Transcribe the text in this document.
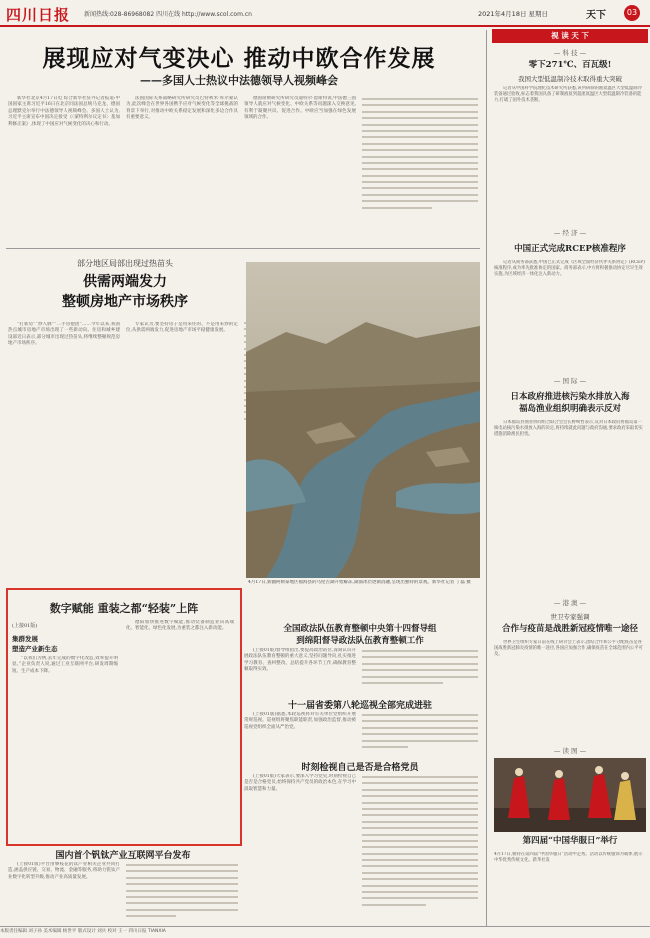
四川日报 新闻热线:028-86968082 四川在线 http://www.scol.com.cn	2021年4月18日 星期日	天下	03
展现应对气变决心 推动中欧合作发展
——多国人士热议中法德领导人视频峰会

新华社北京4月17日电 综合新华社驻外记者报道:中国国家主席习近平16日在北京同法国总统马克龙、德国总理默克尔举行中法德领导人视频峰会。多国人士认为,习近平主席宣布中国决定接受《〈蒙特利尔议定书〉基加利修正案》,体现了中国应对气候变化的决心和行动。

法国国际关系战略研究所研究员巴特利米·库尔蒙认为,此次峰会在世界各国携手应对气候变化等全球挑战的背景下举行,对推动中欧关系稳定发展和深化多边合作具有重要意义。

德国席勒研究所研究员迪特尔·恩斯特说,中法德三国领导人就应对气候变化、中欧关系等问题深入交换意见,有利于凝聚共识、促进合作。中欧应当加强在绿色发展领域的合作。

部分地区局部出现过热苗头
供需两端发力
整顿房地产市场秩序

“打新房”“炒人脉”“二手房抱团”……今年以来,我国热点城市房地产市场出现了一些新动向。住房和城乡建设部近日表示,部分城市出现过热苗头,将继续整顿规范房地产市场秩序。

专家认为,要坚持房子是用来住的、不是用来炒的定位,从供需两端发力,促进房地产市场平稳健康发展。

4月17日,新疆阿勒泰地区福海县的乌伦古湖开始解冻,湖面冰层逐渐消融,呈现出独特的景观。新华社记者 丁磊 摄
数字赋能 重装之都“轻装”上阵
(上接01版)
集群发展
塑造产业新生态

“以我们为例,去年完成的数字化改造,效率提升明显。”企业负责人说,通过工业互联网平台,研发周期缩短、生产成本下降。

德阳加快推进数字赋能,推动装备制造业向高端化、智能化、绿色化发展,为重装之都注入新动能。	全国政法队伍教育整顿中央第十四督导组
到绵阳督导政法队伍教育整顿工作

(上接01版)督导组指出,要提高政治站位,深刻认识开展政法队伍教育整顿的重大意义,坚持问题导向,扎实推进学习教育、查纠整改、总结提升各环节工作,确保教育整顿取得实效。

十一届省委第八轮巡视全部完成进驻

(上接01版)据悉,本轮巡视将对有关单位党组织开展常规巡视。巡视组将聚焦职能职责,加强政治监督,推动被巡视党组织全面从严治党。

时刻检视自己是否是合格党员

(上接01版)大家表示,要深入学习党史,时刻检视自己是否是合格党员,始终保持共产党员的政治本色,在学习中汲取智慧和力量。

国内首个钒钛产业互联网平台发布

(上接01版)平台由攀枝花钒钛产业相关企业共同打造,涵盖供应链、交易、物流、金融等服务,将助力钒钛产业数字化转型升级,推动产业高质量发展。

视 读 天 下
— 科 技 —
零下271℃、百瓦级!
我国大型低温制冷技术取得重大突破
记者从中国科学院理化技术研究所获悉,该所研制的液氦温区大型低温制冷装备通过验收,标志着我国具备了研制液氦到超流氦温区大型低温制冷装备的能力,打破了国外技术垄断。
— 经 济 —
中国正式完成RCEP核准程序
记者从商务部获悉,中国已正式完成《区域全面经济伙伴关系协定》(RCEP)核准程序,成为率先批准协定的国家。商务部表示,中方将积极推动协定尽早生效实施,为区域经济一体化注入新动力。
— 国 际 —
日本政府推进核污染水排放入海
福岛渔业组织明确表示反对
日本福岛县渔业协同组合联合会会长野崎哲表示,反对日本政府将福岛第一核电站核污染水排放入海的决定,将持续就此问题与政府沟通,要求政府采取切实措施消除渔民担忧。
— 港 澳 —
世卫专家强调
合作与疫苗是战胜新冠疫情唯一途径
世界卫生组织专家日前在线上研讨会上表示,团结合作和公平分配疫苗是各国战胜新冠肺炎疫情的唯一途径,各国应加强合作,确保疫苗在全球范围内公平可及。
— 读 图 —
第四届“中国华服日”举行
4月17日,模特在第四届“中国华服日”活动中走秀。活动以传统服饰为载体,展示中华优秀传统文化。新华社发
本版责任编辑 刘子孙 美术编辑 杨世平 版式设计 刘兵 校对 王一 四川日报 TIANXIA
